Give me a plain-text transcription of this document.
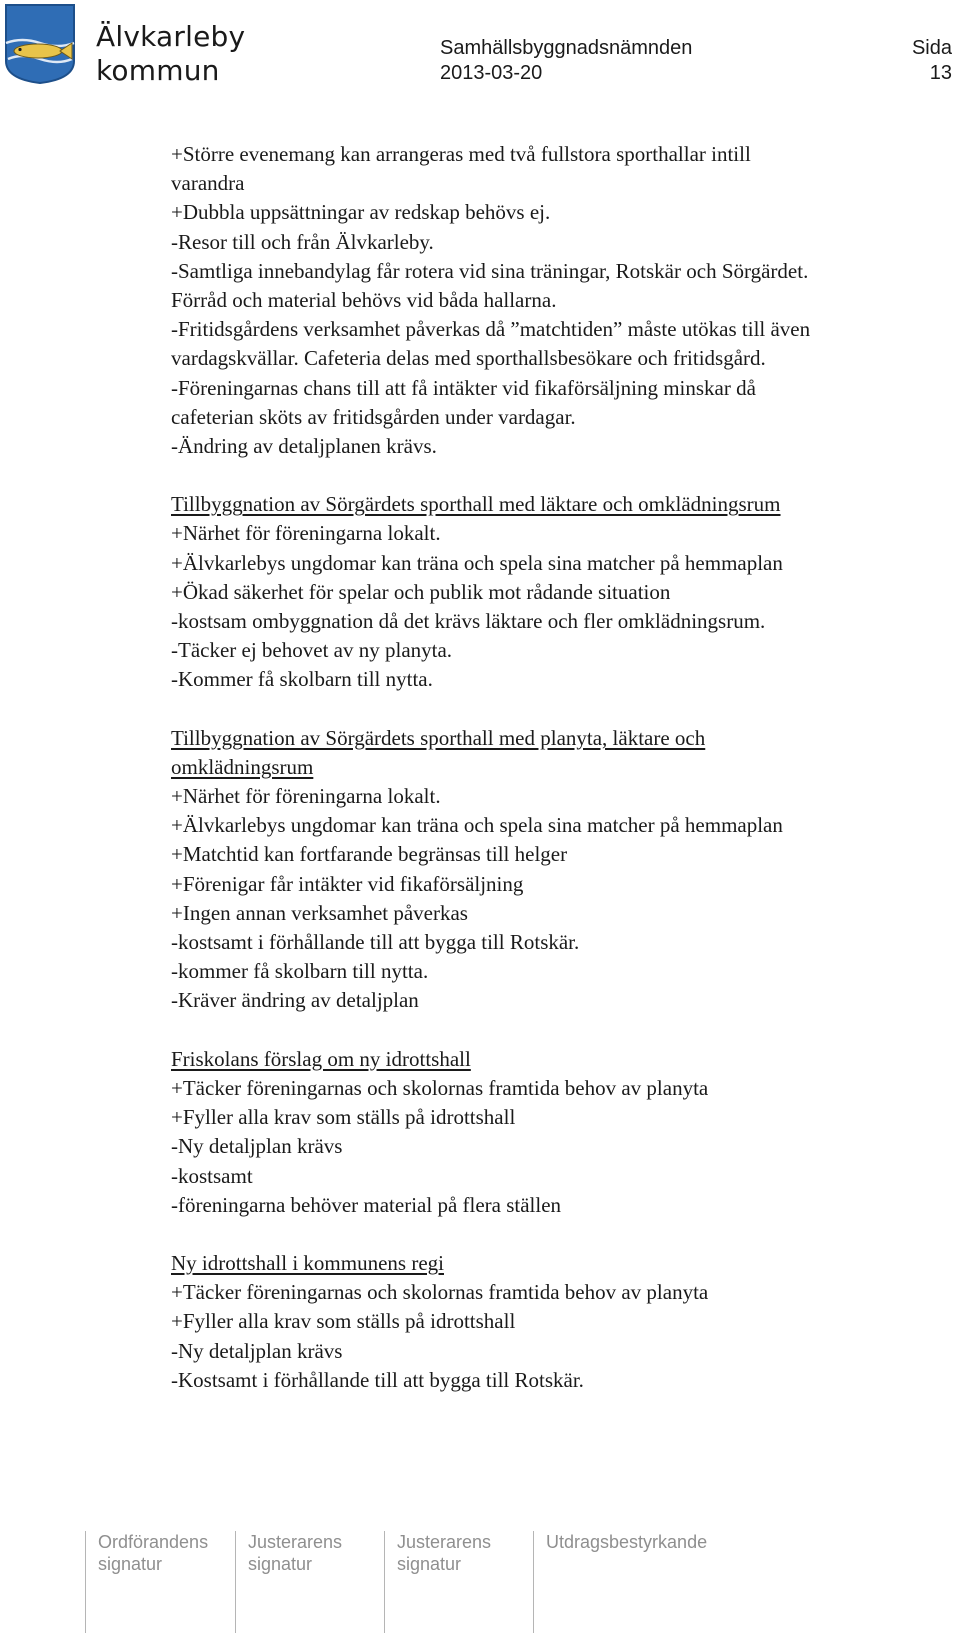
Älvkarleby
kommun
Samhällsbyggnadsnämnden
2013-03-20
Sida
13

+Större evenemang kan arrangeras med två fullstora sporthallar intill

varandra

+Dubbla uppsättningar av redskap behövs ej.

-Resor till och från Älvkarleby.

-Samtliga innebandylag får rotera vid sina träningar, Rotskär och Sörgärdet.

Förråd och material behövs vid båda hallarna.

-Fritidsgårdens verksamhet påverkas då ”matchtiden” måste utökas till även

vardagskvällar. Cafeteria delas med sporthallsbesökare och fritidsgård.

-Föreningarnas chans till att få intäkter vid fikaförsäljning minskar då

cafeterian sköts av fritidsgården under vardagar.

-Ändring av detaljplanen krävs.

Tillbyggnation av Sörgärdets sporthall med läktare och omklädningsrum

+Närhet för föreningarna lokalt.

+Älvkarlebys ungdomar kan träna och spela sina matcher på hemmaplan

+Ökad säkerhet för spelar och publik mot rådande situation

-kostsam ombyggnation då det krävs läktare och fler omklädningsrum.

-Täcker ej behovet av ny planyta.

-Kommer få skolbarn till nytta.

Tillbyggnation av Sörgärdets sporthall med planyta, läktare och

omklädningsrum

+Närhet för föreningarna lokalt.

+Älvkarlebys ungdomar kan träna och spela sina matcher på hemmaplan

+Matchtid kan fortfarande begränsas till helger

+Förenigar får intäkter vid fikaförsäljning

+Ingen annan verksamhet påverkas

-kostsamt i förhållande till att bygga till Rotskär.

-kommer få skolbarn till nytta.

-Kräver ändring av detaljplan

Friskolans förslag om ny idrottshall

+Täcker föreningarnas och skolornas framtida behov av planyta

+Fyller alla krav som ställs på idrottshall

-Ny detaljplan krävs

-kostsamt

-föreningarna behöver material på flera ställen

Ny idrottshall i kommunens regi

+Täcker föreningarnas och skolornas framtida behov av planyta

+Fyller alla krav som ställs på idrottshall

-Ny detaljplan krävs

-Kostsamt i förhållande till att bygga till Rotskär.

Ordförandens
signatur
Justerarens
signatur
Justerarens
signatur
Utdragsbestyrkande
